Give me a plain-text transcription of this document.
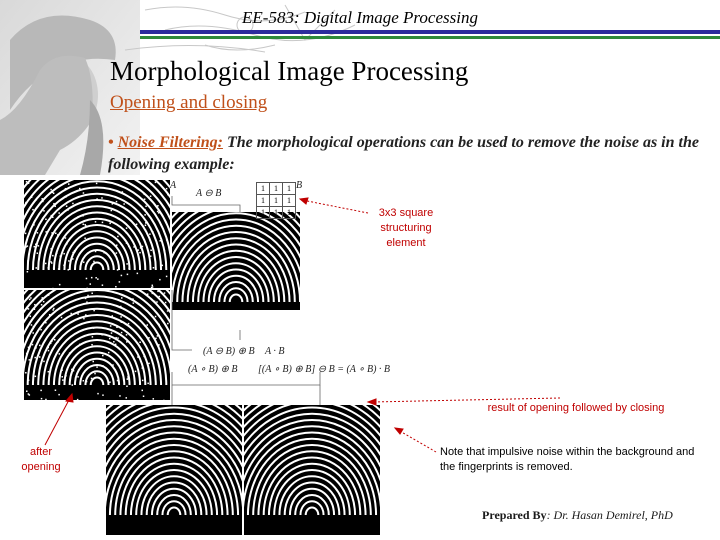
EE-583: Digital Image Processing
Morphological Image Processing
Opening and closing
• Noise Filtering: The morphological operations can be used to remove the noise as in the following example:
A
A ⊖ B
B
1	1	1
1	1	1
1	1	1
(A ⊖ B) ⊕ B A · B
(A ∘ B) ⊕ B [(A ∘ B) ⊕ B] ⊖ B = (A ∘ B) · B
3x3 square structuring element
result of opening followed by closing
after opening
Note that impulsive noise within the background and the fingerprints is removed.
Prepared By: Dr. Hasan Demirel, PhD
